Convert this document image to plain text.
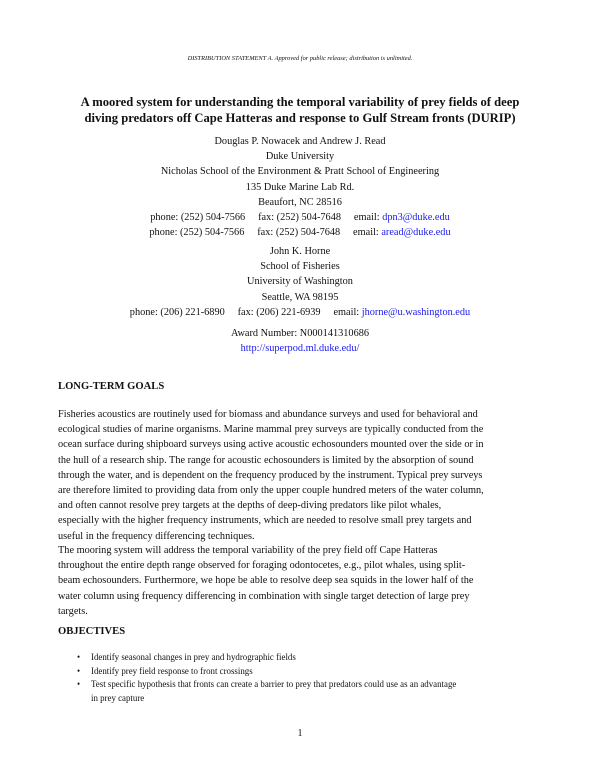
DISTRIBUTION STATEMENT A. Approved for public release; distribution is unlimited.
A moored system for understanding the temporal variability of prey fields of deep
diving predators off Cape Hatteras and response to Gulf Stream fronts (DURIP)
Douglas P. Nowacek and Andrew J. Read
Duke University
Nicholas School of the Environment & Pratt School of Engineering
135 Duke Marine Lab Rd.
Beaufort, NC 28516
phone: (252) 504-7566 fax: (252) 504-7648 email: dpn3@duke.edu
phone: (252) 504-7566 fax: (252) 504-7648 email: aread@duke.edu
John K. Horne
School of Fisheries
University of Washington
Seattle, WA 98195
phone: (206) 221-6890 fax: (206) 221-6939 email: jhorne@u.washington.edu
Award Number: N000141310686
http://superpod.ml.duke.edu/
LONG-TERM GOALS
Fisheries acoustics are routinely used for biomass and abundance surveys and used for behavioral and
ecological studies of marine organisms. Marine mammal prey surveys are typically conducted from the
ocean surface during shipboard surveys using active acoustic echosounders mounted over the side or in
the hull of a research ship. The range for acoustic echosounders is limited by the absorption of sound
through the water, and is dependent on the frequency produced by the instrument. Typical prey surveys
are therefore limited to providing data from only the upper couple hundred meters of the water column,
and often cannot resolve prey targets at the depths of deep-diving predators like pilot whales,
especially with the higher frequency instruments, which are needed to resolve small prey targets and
useful in the frequency differencing techniques.
The mooring system will address the temporal variability of the prey field off Cape Hatteras
throughout the entire depth range observed for foraging odontocetes, e.g., pilot whales, using split-
beam echosounders. Furthermore, we hope be able to resolve deep sea squids in the lower half of the
water column using frequency differencing in combination with single target detection of large prey
targets.
OBJECTIVES
• Identify seasonal changes in prey and hydrographic fields
• Identify prey field response to front crossings
• Test specific hypothesis that fronts can create a barrier to prey that predators could use as an advantage
in prey capture
1
